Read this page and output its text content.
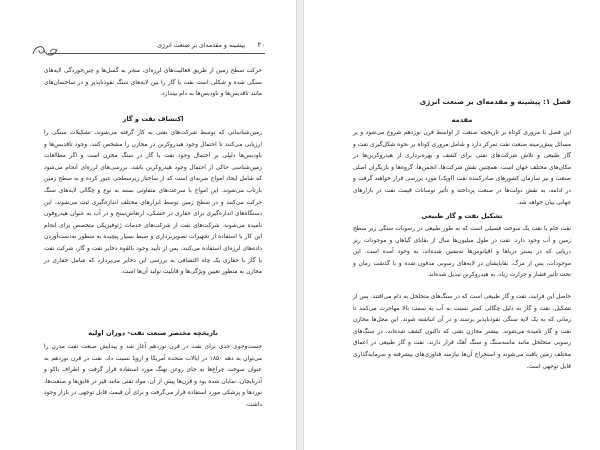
پیشینه و مقدمه‌ای بر صنعت انرژی ۲۰

حرکت سطح زمین از طریق فعالیت‌های لرزه‌ای، منجر به گسل‌ها و چین‌خوردگی لایه‌های سنگی شده و شکلی است نفت یا گاز را بین لایه‌های سنگ نفوذناپذیر و در ساختمان‌های مانند تاقدیس‌ها و ناودیس‌ها به دام بیندازد.

اکتشاف نفت و گاز

زمین‌شناسانی که توسط شرکت‌های نفتی به کار گرفته می‌شوند، تشکیلات سنگی را ارزیابی می‌کنند تا احتمال وجود هیدروکربن در مخازن را مشخص کنند. وجود تاقدیس‌ها و ناودیس‌ها دلیلی بر احتمال وجود نفت یا گاز در سنگ مخزن است و اگر مطالعات زمین‌شناسی حاکی از احتمال وجود هیدروکربن باشد، بررسی‌های لرزه‌ای انجام می‌شود که شامل ایجاد امواج ضربه‌ای است که از ساختار زیرسطحی عبور کرده و به سطح زمین بازتاب می‌شوند. این امواج با سرعت‌های متفاوتی بسته به نوع و چگالی لایه‌های سنگ حرکت می‌کنند و در سطح زمین توسط ابزارهای مختلف اندازه‌گیری ثبت می‌شوند. این دستگاه‌های اندازه‌گیری برای حفاری در خشکی، ارتعاش‌سنج و در آب به عنوان هیدروفون نامیده می‌شوند. شرکت‌های نفت از شرکت‌های خدمات ژئوفیزیکی متخصص برای انجام این کار با استفاده از تجهیزات تصویربرداری و ضبط بسیار پیچیده به منظور به‌دست‌آوردن داده‌های لرزه‌ای استفاده می‌کنند. پس از تأیید وجود بالقوه ذخایر نفت و گاز، شرکت نفت یا گاز با حفاری یک چاه اکتشافی به بررسی این ذخایر می‌پردازد که شامل حفاری در مخازن به منظور تعیین ویژگی‌ها و قابلیت تولید آن‌ها است.

تاریخچه مختصر صنعت نفت- دوران اولیه

جست‌وجوی جدی برای نفت در قرن نوزدهم آغاز شد و پیدایش صنعت نفت مدرن را می‌توان به دهه ۱۸۵۰ در ایالات متحده آمریکا و اروپا نسبت داد. نفت در قرن نوزدهم به عنوان سوخت چراغ‌ها به جای روغن نهنگ مورد استفاده قرار گرفت و اطراف باکو و آذربایجان، نمایان شده بود و قرن‌ها پیش از آن، مواد نفتی مانند قیر در قایق‌ها و صنعت‌ها، نوردها و پزشکی مورد استفاده قرار می‌گرفت و برای آن قیمت قابل توجهی در بازار وجود داشت.

فصل ۱: پیشینه و مقدمه‌ای بر صنعت انرژی

مقدمه

این فصل با مروری کوتاه بر تاریخچه صنعت از اواسط قرن نوزدهم شروع می‌شود و بر مسائل پیش‌زمینه صنعت نفت تمرکز دارد و شامل مروری کوتاه بر نحوه شکل‌گیری نفت و گاز طبیعی و تلاش شرکت‌های نفتی برای کشف و بهره‌برداری از هیدروکربن‌ها در مکان‌های مختلف جهان است. همچنین نقش شرکت‌ها، انجمن‌ها، گروه‌ها و بازیگران اصلی صنعت و نیز سازمان کشورهای صادرکننده نفت (اوپک) مورد بررسی قرار خواهند گرفت و در ادامه، به نقش دولت‌ها در صنعت پرداخته و تأثیر نوسانات قیمت نفت در بازارهای جهانی بیان خواهد شد.

تشکیل نفت و گاز طبیعی

نفت خام یا نفت یک سوخت فسیلی است که به طور طبیعی در رسوبات سنگی زیر سطح زمین و آب وجود دارد. نفت در طول میلیون‌ها سال از بقایای گیاهان و موجودات ریز دریایی که در بستر دریاها و اقیانوس‌ها ته‌نشین شده‌اند، به وجود آمده است. این موجودات، پس از مرگ، بقایایشان در لایه‌های رسوبی مدفون شده و با گذشت زمان و تحت تأثیر فشار و حرارت زیاد، به هیدروکربن تبدیل شده‌اند.

حاصل این فرایند، نفت و گاز طبیعی است که در سنگ‌های متخلخل به دام می‌افتند. پس از تشکیل، نفت و گاز به دلیل چگالی کمتر نسبت به آب به سمت بالا مهاجرت می‌کنند تا زمانی که به یک لایه سنگی نفوذناپذیر برسند و در آن انباشته شوند. این محل‌ها مخازن نفت و گاز نامیده می‌شوند. بیشتر مخازن نفتی که تاکنون کشف شده‌اند، در سنگ‌های رسوبی متخلخل مانند ماسه‌سنگ و سنگ آهک قرار دارند. نفت و گاز طبیعی در اعماق مختلف زمین یافت می‌شوند و استخراج آن‌ها نیازمند فناوری‌های پیشرفته و سرمایه‌گذاری قابل توجهی است.
